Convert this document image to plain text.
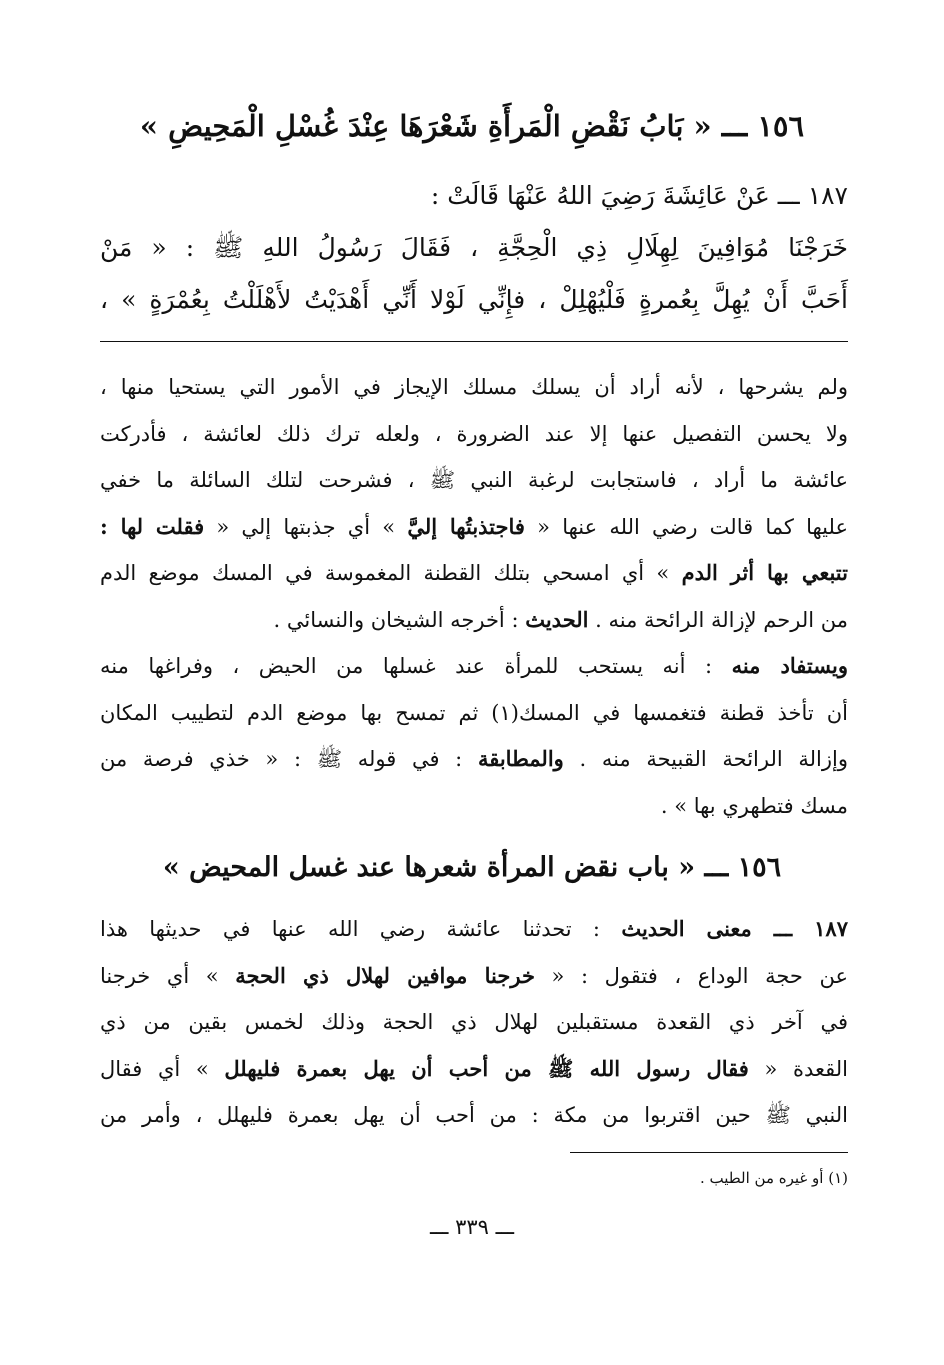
١٥٦ ـــ « بَابُ نَقْضِ الْمَرأَةِ شَعْرَهَا عِنْدَ غُسْلِ الْمَحِيضِ »
١٨٧ ـــ عَنْ عَائِشَةَ رَضِيَ اللهُ عَنْهَا قَالَتْ :
خَرَجْنَا مُوَافِينَ لِهِلَالِ ذِي الْحِجَّةِ ، فَقَالَ رَسُولُ اللهِ ﷺ : « مَنْ
أَحَبَّ أَنْ يُهِلَّ بِعُمرةٍ فَلْيُهْلِلْ ، فإِنِّي لَوْلا أَنِّي أَهْدَيْتُ لأَهْلَلْتُ بِعُمْرَةٍ » ،
ولم يشرحها ، لأنه أراد أن يسلك مسلك الإيجاز في الأمور التي يستحيا منها ،
ولا يحسن التفصيل عنها إلا عند الضرورة ، ولعله ترك ذلك لعائشة ، فأدركت
عائشة ما أراد ، فاستجابت لرغبة النبي ﷺ ، فشرحت لتلك السائلة ما خفي
عليها كما قالت رضي الله عنها « فاجتذبتُها إليَّ » أي جذبتها إلي « فقلت لها :
تتبعي بها أثر الدم » أي امسحي بتلك القطنة المغموسة في المسك موضع الدم
من الرحم لإزالة الرائحة منه . الحديث : أخرجه الشيخان والنسائي .
ويستفاد منه : أنه يستحب للمرأة عند غسلها من الحيض ، وفراغها منه
أن تأخذ قطنة فتغمسها في المسك(١) ثم تمسح بها موضع الدم لتطييب المكان
وإزالة الرائحة القبيحة منه . والمطابقة : في قوله ﷺ : « خذي فرصة من
مسك فتطهري بها » .
١٥٦ ـــ « باب نقض المرأة شعرها عند غسل المحيض »
١٨٧ ـــ معنى الحديث : تحدثنا عائشة رضي الله عنها في حديثها هذا
عن حجة الوداع ، فتقول : « خرجنا موافين لهلال ذي الحجة » أي خرجنا
في آخر ذي القعدة مستقبلين لهلال ذي الحجة وذلك لخمس بقين من ذي
القعدة « فقال رسول الله ﷺ من أحب أن يهل بعمرة فليهلل » أي فقال
النبي ﷺ حين اقتربوا من مكة : من أحب أن يهل بعمرة فليهلل ، وأمر من
(١) أو غيره من الطيب .
ـــ ٣٣٩ ـــ
